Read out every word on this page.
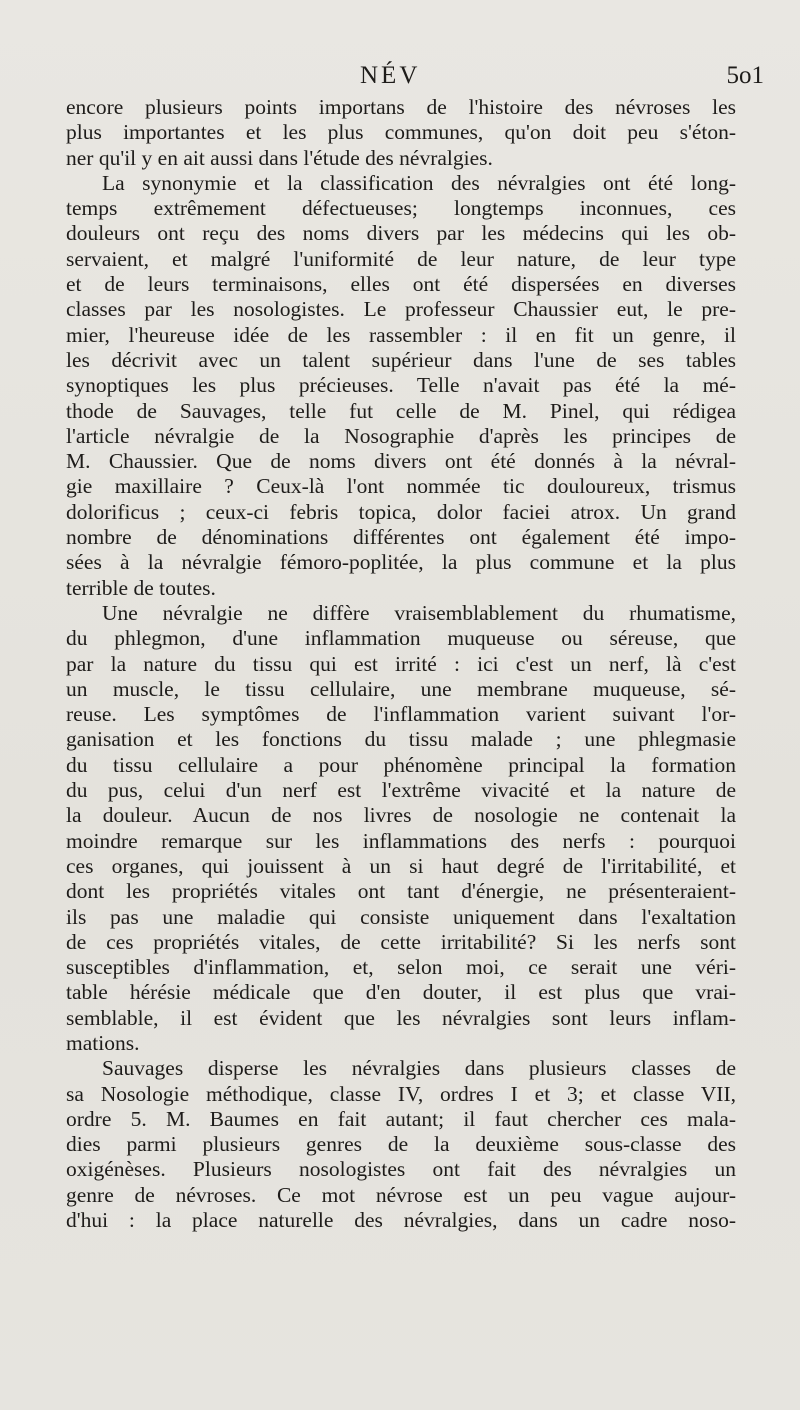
NÉV	5o1
encore plusieurs points importans de l'histoire des névroses les
plus importantes et les plus communes, qu'on doit peu s'éton-
ner qu'il y en ait aussi dans l'étude des névralgies.
La synonymie et la classification des névralgies ont été long-
temps extrêmement défectueuses; longtemps inconnues, ces
douleurs ont reçu des noms divers par les médecins qui les ob-
servaient, et malgré l'uniformité de leur nature, de leur type
et de leurs terminaisons, elles ont été dispersées en diverses
classes par les nosologistes. Le professeur Chaussier eut, le pre-
mier, l'heureuse idée de les rassembler : il en fit un genre, il
les décrivit avec un talent supérieur dans l'une de ses tables
synoptiques les plus précieuses. Telle n'avait pas été la mé-
thode de Sauvages, telle fut celle de M. Pinel, qui rédigea
l'article névralgie de la Nosographie d'après les principes de
M. Chaussier. Que de noms divers ont été donnés à la névral-
gie maxillaire ? Ceux-là l'ont nommée tic douloureux, trismus
dolorificus ; ceux-ci febris topica, dolor faciei atrox. Un grand
nombre de dénominations différentes ont également été impo-
sées à la névralgie fémoro-poplitée, la plus commune et la plus
terrible de toutes.
Une névralgie ne diffère vraisemblablement du rhumatisme,
du phlegmon, d'une inflammation muqueuse ou séreuse, que
par la nature du tissu qui est irrité : ici c'est un nerf, là c'est
un muscle, le tissu cellulaire, une membrane muqueuse, sé-
reuse. Les symptômes de l'inflammation varient suivant l'or-
ganisation et les fonctions du tissu malade ; une phlegmasie
du tissu cellulaire a pour phénomène principal la formation
du pus, celui d'un nerf est l'extrême vivacité et la nature de
la douleur. Aucun de nos livres de nosologie ne contenait la
moindre remarque sur les inflammations des nerfs : pourquoi
ces organes, qui jouissent à un si haut degré de l'irritabilité, et
dont les propriétés vitales ont tant d'énergie, ne présenteraient-
ils pas une maladie qui consiste uniquement dans l'exaltation
de ces propriétés vitales, de cette irritabilité? Si les nerfs sont
susceptibles d'inflammation, et, selon moi, ce serait une véri-
table hérésie médicale que d'en douter, il est plus que vrai-
semblable, il est évident que les névralgies sont leurs inflam-
mations.
Sauvages disperse les névralgies dans plusieurs classes de
sa Nosologie méthodique, classe IV, ordres I et 3; et classe VII,
ordre 5. M. Baumes en fait autant; il faut chercher ces mala-
dies parmi plusieurs genres de la deuxième sous-classe des
oxigénèses. Plusieurs nosologistes ont fait des névralgies un
genre de névroses. Ce mot névrose est un peu vague aujour-
d'hui : la place naturelle des névralgies, dans un cadre noso-
